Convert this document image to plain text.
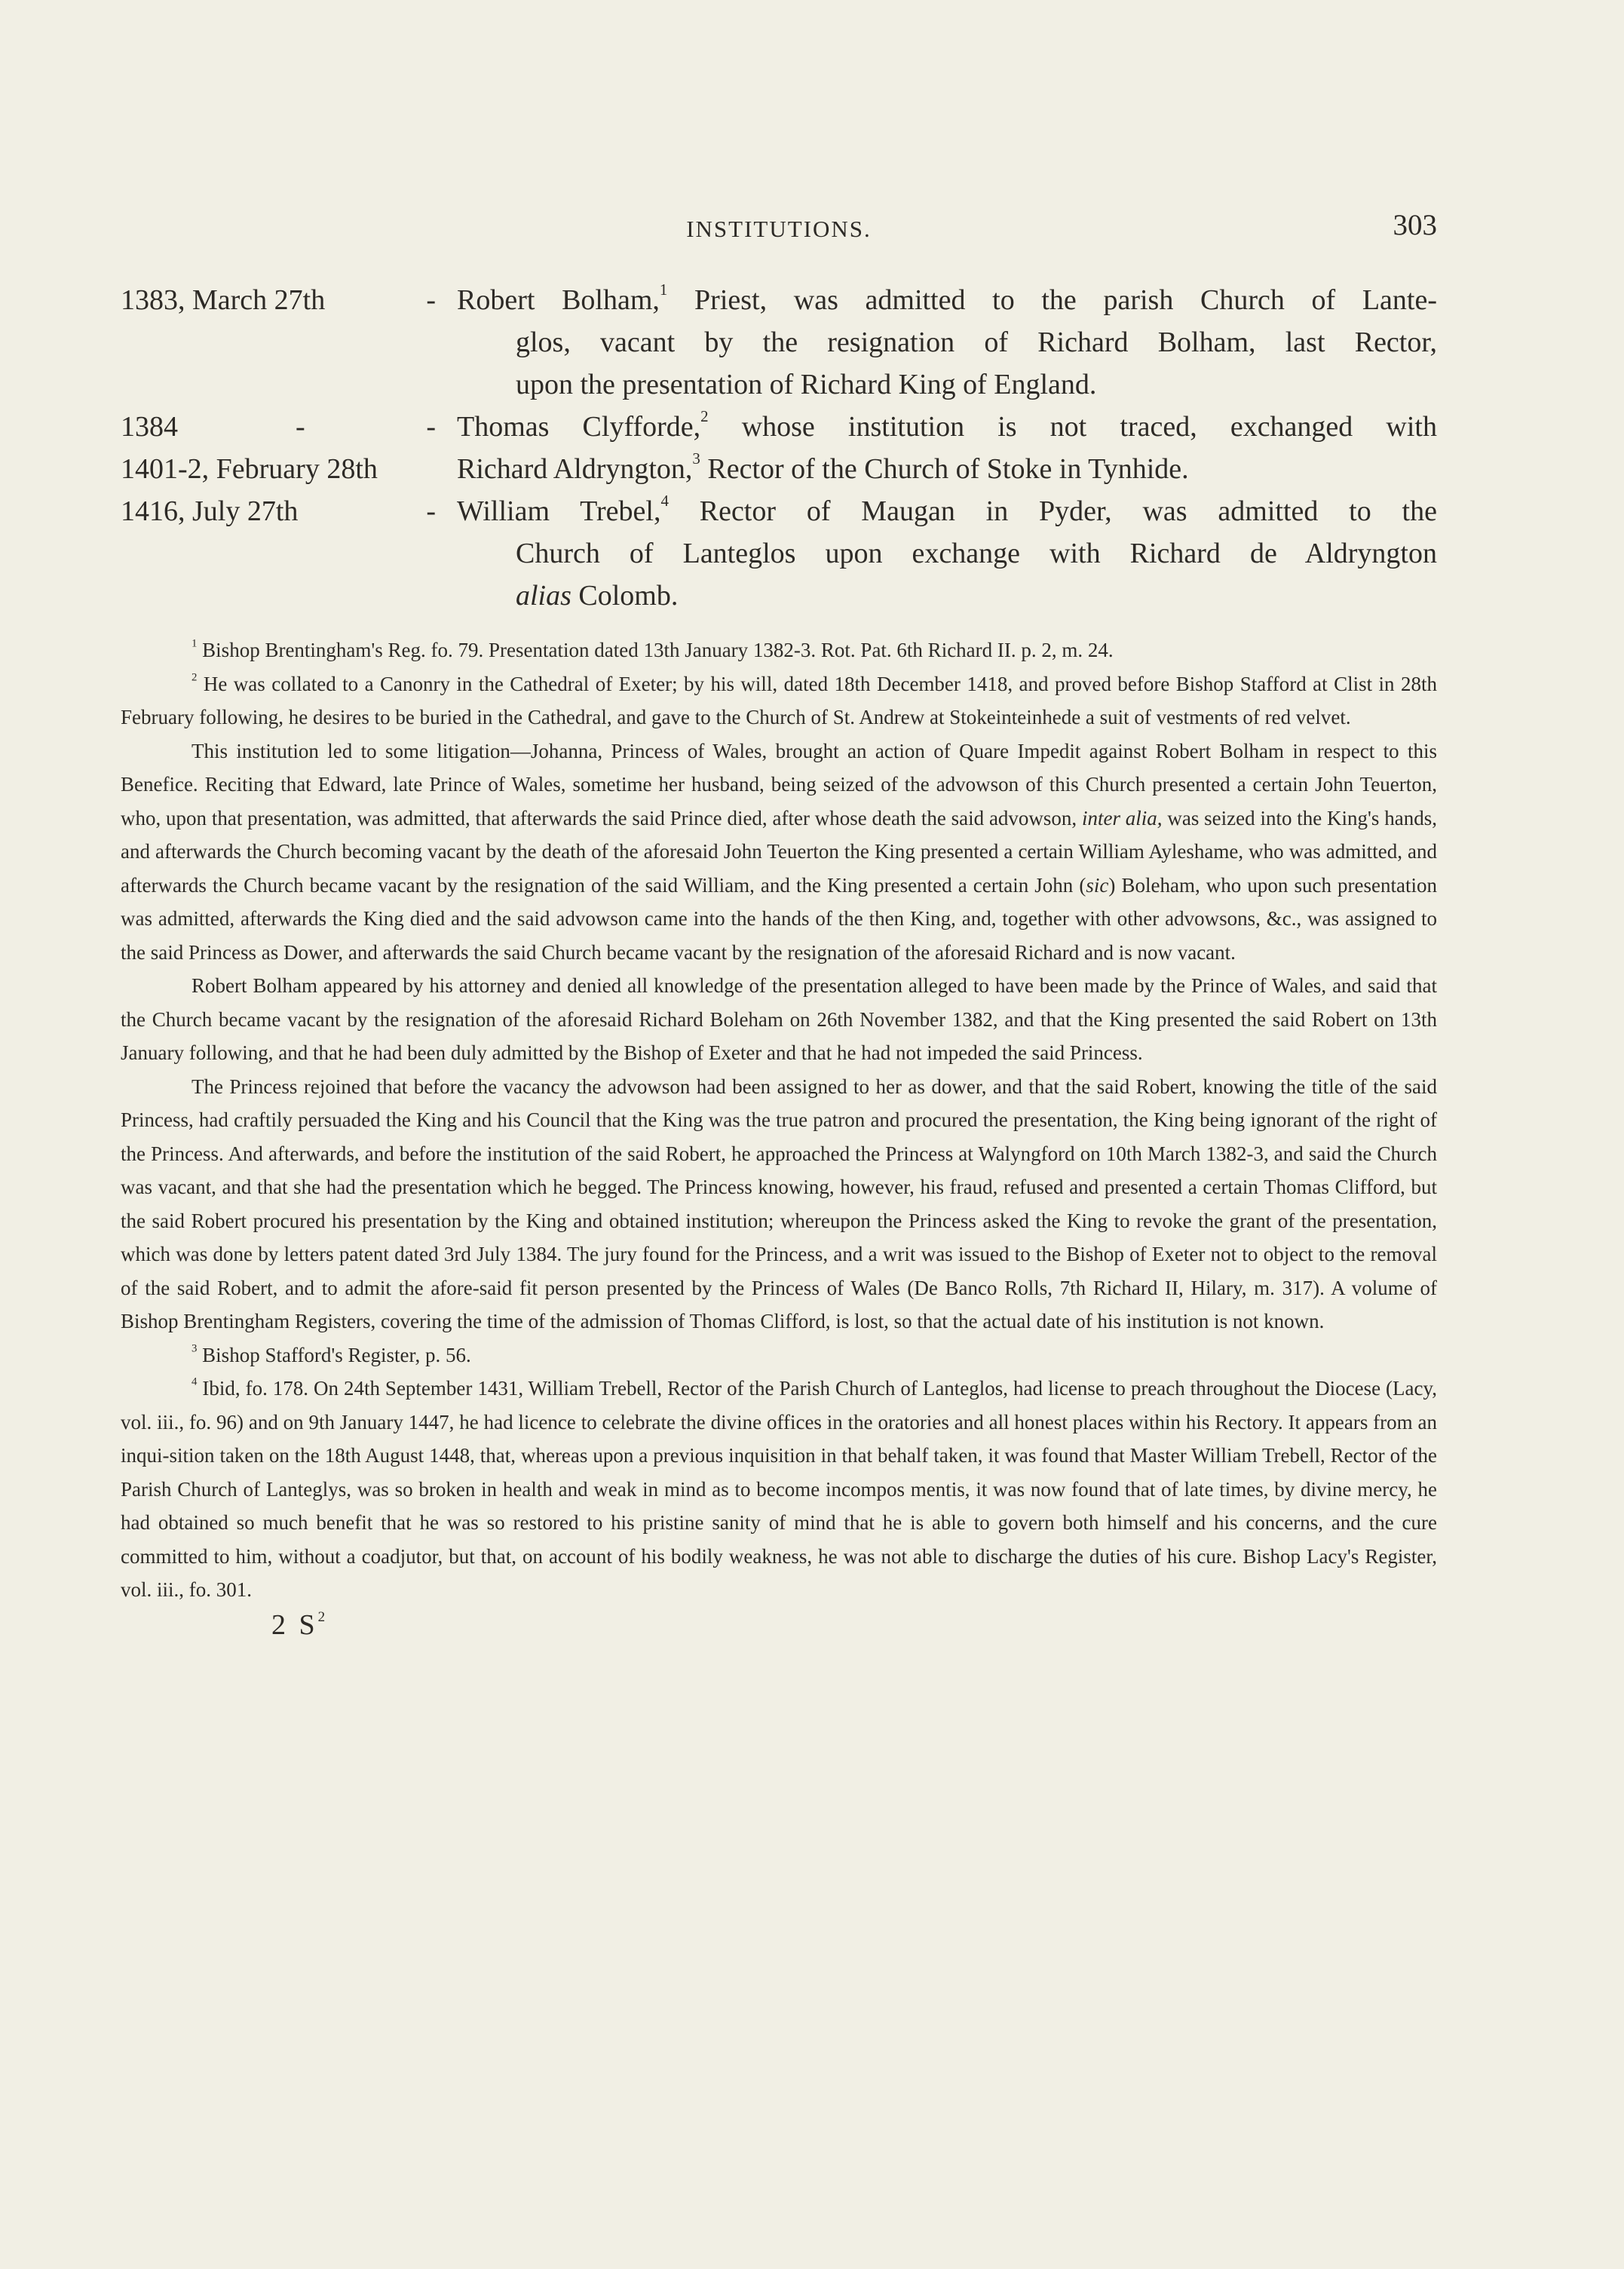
INSTITUTIONS.	303
1383, March 27th	- Robert Bolham,$^1$ Priest, was admitted to the parish Church of Lante-
glos, vacant by the resignation of Richard Bolham, last Rector,
upon the presentation of Richard King of England.
1384	-	- Thomas Clyfforde,$^2$ whose institution is not traced, exchanged with
1401-2, February 28th	Richard Aldryngton,$^3$ Rector of the Church of Stoke in Tynhide.
1416, July 27th	- William Trebel,$^4$ Rector of Maugan in Pyder, was admitted to the
Church of Lanteglos upon exchange with Richard de Aldryngton
alias Colomb.

$^1$ Bishop Brentingham's Reg. fo. 79. Presentation dated 13th January 1382-3. Rot. Pat. 6th Richard II. p. 2, m. 24.

$^2$ He was collated to a Canonry in the Cathedral of Exeter; by his will, dated 18th December 1418, and proved before Bishop Stafford at Clist in 28th February following, he desires to be buried in the Cathedral, and gave to the Church of St. Andrew at Stokeinteinhede a suit of vestments of red velvet.

This institution led to some litigation—Johanna, Princess of Wales, brought an action of Quare Impedit against Robert Bolham in respect to this Benefice. Reciting that Edward, late Prince of Wales, sometime her husband, being seized of the advowson of this Church presented a certain John Teuerton, who, upon that presentation, was admitted, that afterwards the said Prince died, after whose death the said advowson, inter alia, was seized into the King's hands, and afterwards the Church becoming vacant by the death of the aforesaid John Teuerton the King presented a certain William Ayleshame, who was admitted, and afterwards the Church became vacant by the resignation of the said William, and the King presented a certain John (sic) Boleham, who upon such presentation was admitted, afterwards the King died and the said advowson came into the hands of the then King, and, together with other advowsons, &c., was assigned to the said Princess as Dower, and afterwards the said Church became vacant by the resignation of the aforesaid Richard and is now vacant.

Robert Bolham appeared by his attorney and denied all knowledge of the presentation alleged to have been made by the Prince of Wales, and said that the Church became vacant by the resignation of the aforesaid Richard Boleham on 26th November 1382, and that the King presented the said Robert on 13th January following, and that he had been duly admitted by the Bishop of Exeter and that he had not impeded the said Princess.

The Princess rejoined that before the vacancy the advowson had been assigned to her as dower, and that the said Robert, knowing the title of the said Princess, had craftily persuaded the King and his Council that the King was the true patron and procured the presentation, the King being ignorant of the right of the Princess. And afterwards, and before the institution of the said Robert, he approached the Princess at Walyngford on 10th March 1382-3, and said the Church was vacant, and that she had the presentation which he begged. The Princess knowing, however, his fraud, refused and presented a certain Thomas Clifford, but the said Robert procured his presentation by the King and obtained institution; whereupon the Princess asked the King to revoke the grant of the presentation, which was done by letters patent dated 3rd July 1384. The jury found for the Princess, and a writ was issued to the Bishop of Exeter not to object to the removal of the said Robert, and to admit the afore-said fit person presented by the Princess of Wales (De Banco Rolls, 7th Richard II, Hilary, m. 317). A volume of Bishop Brentingham Registers, covering the time of the admission of Thomas Clifford, is lost, so that the actual date of his institution is not known.

$^3$ Bishop Stafford's Register, p. 56.

$^4$ Ibid, fo. 178. On 24th September 1431, William Trebell, Rector of the Parish Church of Lanteglos, had license to preach throughout the Diocese (Lacy, vol. iii., fo. 96) and on 9th January 1447, he had licence to celebrate the divine offices in the oratories and all honest places within his Rectory. It appears from an inqui-sition taken on the 18th August 1448, that, whereas upon a previous inquisition in that behalf taken, it was found that Master William Trebell, Rector of the Parish Church of Lanteglys, was so broken in health and weak in mind as to become incompos mentis, it was now found that of late times, by divine mercy, he had obtained so much benefit that he was so restored to his pristine sanity of mind that he is able to govern both himself and his concerns, and the cure committed to him, without a coadjutor, but that, on account of his bodily weakness, he was not able to discharge the duties of his cure. Bishop Lacy's Register, vol. iii., fo. 301.

2 $S^2$
